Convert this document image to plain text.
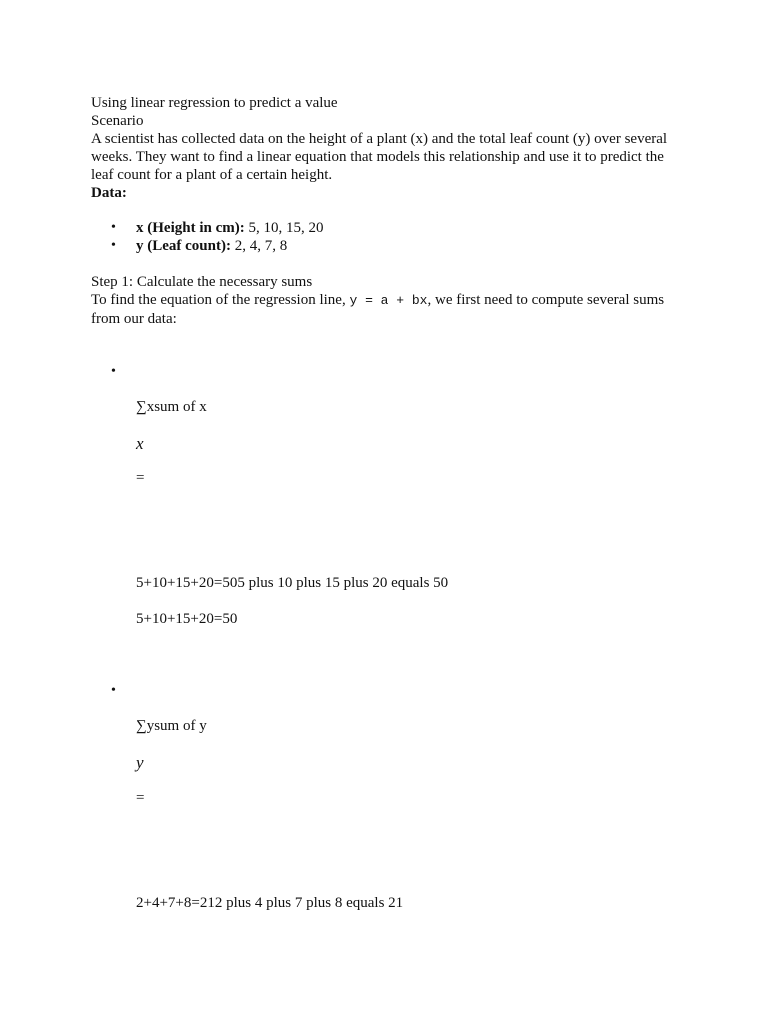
Using linear regression to predict a value
Scenario
A scientist has collected data on the height of a plant (x) and the total leaf count (y) over several weeks. They want to find a linear equation that models this relationship and use it to predict the leaf count for a plant of a certain height.
Data:
• x (Height in cm): 5, 10, 15, 20
• y (Leaf count): 2, 4, 7, 8
Step 1: Calculate the necessary sums
To find the equation of the regression line, y = a + bx, we first need to compute several sums from our data:
•
∑xsum of x
x
=
5+10+15+20=505 plus 10 plus 15 plus 20 equals 50
5+10+15+20=50
•
∑ysum of y
y
=
2+4+7+8=212 plus 4 plus 7 plus 8 equals 21
